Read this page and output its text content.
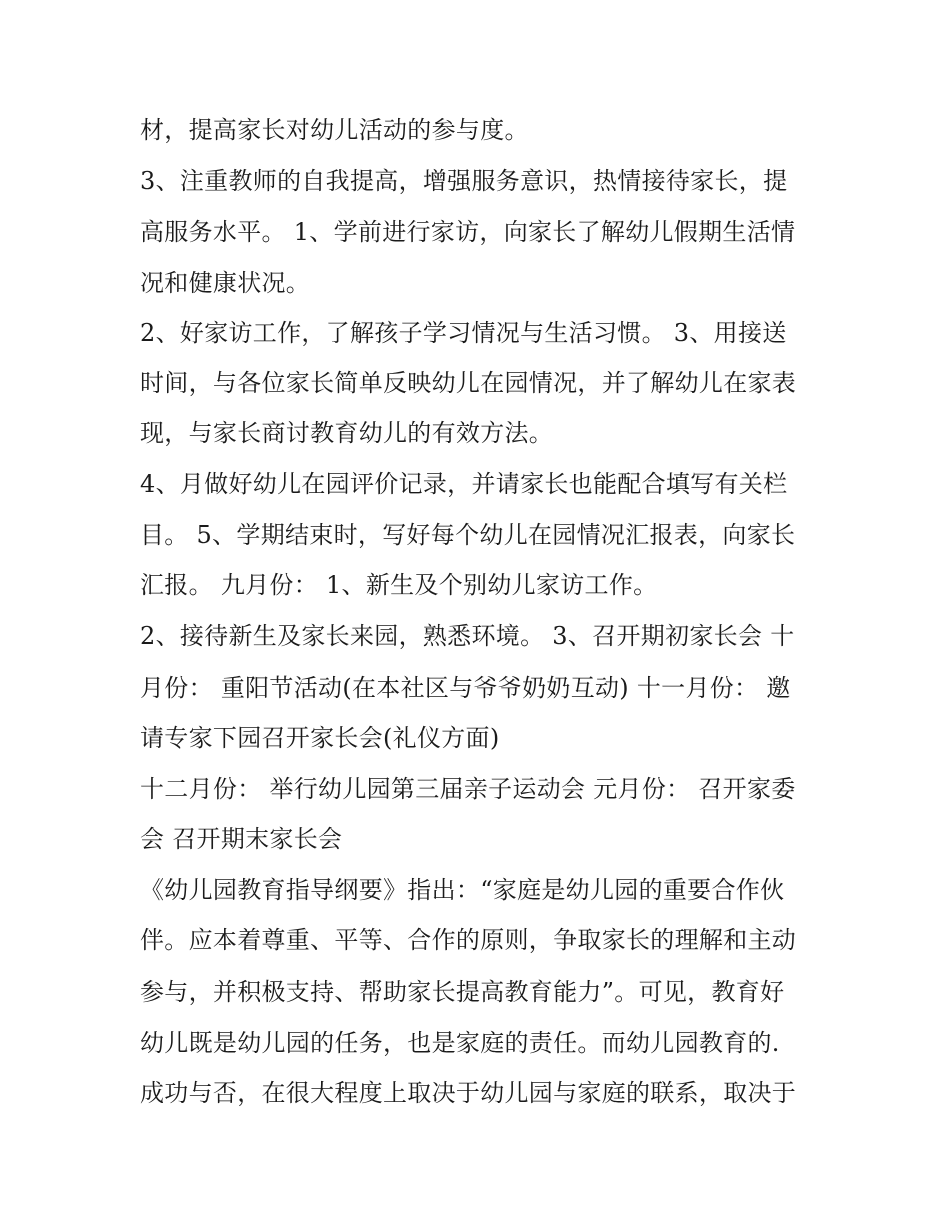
材，提高家长对幼儿活动的参与度。
3、注重教师的自我提高，增强服务意识，热情接待家长，提
高服务水平。 1、学前进行家访，向家长了解幼儿假期生活情
况和健康状况。
2、好家访工作，了解孩子学习情况与生活习惯。 3、用接送
时间，与各位家长简单反映幼儿在园情况，并了解幼儿在家表
现，与家长商讨教育幼儿的有效方法。
4、月做好幼儿在园评价记录，并请家长也能配合填写有关栏
目。 5、学期结束时，写好每个幼儿在园情况汇报表，向家长
汇报。 九月份： 1、新生及个别幼儿家访工作。
2、接待新生及家长来园，熟悉环境。 3、召开期初家长会 十
月份： 重阳节活动(在本社区与爷爷奶奶互动) 十一月份： 邀
请专家下园召开家长会(礼仪方面)
十二月份： 举行幼儿园第三届亲子运动会 元月份： 召开家委
会 召开期末家长会
《幼儿园教育指导纲要》指出：“家庭是幼儿园的重要合作伙
伴。应本着尊重、平等、合作的原则，争取家长的理解和主动
参与，并积极支持、帮助家长提高教育能力”。可见，教育好
幼儿既是幼儿园的任务，也是家庭的责任。而幼儿园教育的.
成功与否，在很大程度上取决于幼儿园与家庭的联系，取决于
